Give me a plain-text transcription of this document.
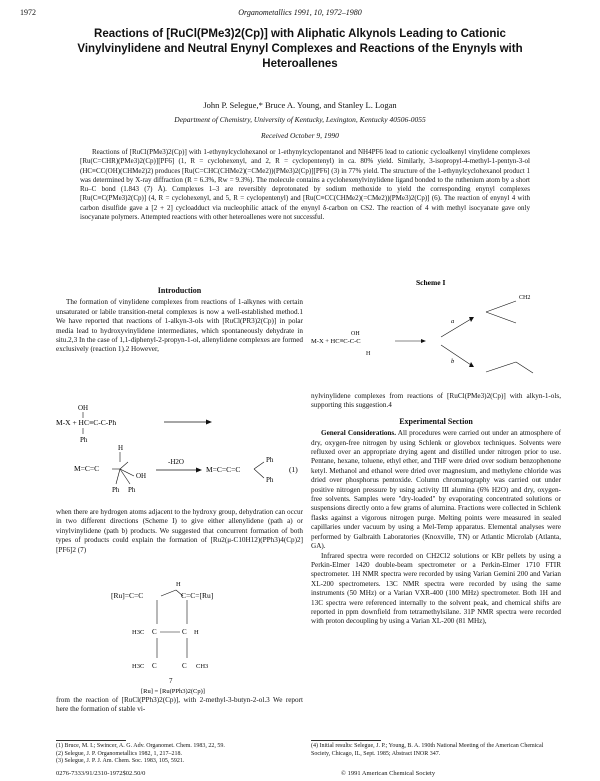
1972	Organometallics 1991, 10, 1972–1980
Reactions of [RuCl(PMe3)2(Cp)] with Aliphatic Alkynols Leading to Cationic Vinylvinylidene and Neutral Enynyl Complexes and Reactions of the Enynyls with Heteroallenes
John P. Selegue,* Bruce A. Young, and Stanley L. Logan
Department of Chemistry, University of Kentucky, Lexington, Kentucky 40506-0055
Received October 9, 1990
Reactions of [RuCl(PMe3)2(Cp)] with 1-ethynylcyclohexanol or 1-ethynylcyclopentanol and NH4PF6 lead to cationic cycloalkenyl vinylidene complexes [Ru(C=CHR)(PMe3)2(Cp)][PF6] (1, R = cyclohexenyl, and 2, R = cyclopentenyl) in ca. 80% yield. Similarly, 3-isopropyl-4-methyl-1-pentyn-3-ol (HC≡CC(OH)(CHMe2)2) produces [Ru(C=CHC(CHMe2)(=CMe2))(PMe3)2(Cp)][PF6] (3) in 77% yield. The structure of the 1-ethynylcyclohexanol product 1 was determined by X-ray diffraction (R = 6.3%, Rw = 9.3%). The molecule contains a cyclohexenylvinylidene ligand bonded to the ruthenium atom by a short Ru–C bond (1.843 (7) Å). Complexes 1–3 are reversibly deprotonated by sodium methoxide to yield the corresponding enynyl complexes [Ru(C≡C(PMe3)2(Cp)] (4, R = cyclohexenyl, and 5, R = cyclopentenyl) and [Ru(C≡CC(CHMe2)(=CMe2))(PMe3)2(Cp)] (6). The reaction of enynyl 4 with carbon disulfide gave a [2 + 2] cycloadduct via nucleophilic attack of the enynyl δ-carbon on CS2. The reaction of 4 with methyl isocyanate gave only isocyanate polymers. Attempted reactions with other heteroallenes were not successful.
Introduction

The formation of vinylidene complexes from reactions of 1-alkynes with certain unsaturated or labile transition-metal complexes is now a well-established method.1 We have reported that reactions of 1-alkyn-3-ols with [RuCl(PR3)2(Cp)] in polar media lead to hydroxyvinylidene intermediates, which spontaneously dehydrate in situ.2,3 In the case of 1,1-diphenyl-2-propyn-1-ol, allenylidene complexes are formed exclusively (reaction 1).2 However,

OH
M-X + HC≡C-C-Ph
Ph
H
M=C=C
OH
Ph Ph
-H2O
M=C=C=C
Ph
Ph
(1)

when there are hydrogen atoms adjacent to the hydroxy group, dehydration can occur in two different directions (Scheme I) to give either allenylidene (path a) or vinylvinylidene (path b) products. We suggested that concurrent formation of both types of products could explain the formation of [Ru2(μ-C10H12)(PPh3)4(Cp)2][PF6]2 (7)

H
[Ru]=C=C	C=C=[Ru]
H3C C	C H
H3C C	C CH3
7
[Ru] = [Ru(PPh3)2(Cp)]

from the reaction of [RuCl(PPh3)2(Cp)], with 2-methyl-3-butyn-2-ol.3 We report here the formation of stable vi-

Scheme I
OH
M-X + HC≡C-C-C
H
a
b
CH2

nylvinylidene complexes from reactions of [RuCl(PMe3)2(Cp)] with alkyn-1-ols, supporting this suggestion.4

Experimental Section

General Considerations. All procedures were carried out under an atmosphere of dry, oxygen-free nitrogen by using Schlenk or glovebox techniques. Solvents were refluxed over an appropriate drying agent and distilled under nitrogen prior to use. Pentane, hexane, toluene, ethyl ether, and THF were dried over sodium benzophenone ketyl. Methanol and ethanol were dried over magnesium, and methylene chloride was dried over phosphorus pentoxide. Column chromatography was carried out under positive nitrogen pressure by using activity III alumina (6% H2O) and dry, oxygen-free solvents. Samples were "dry-loaded" by evaporating concentrated solutions or suspensions directly onto a few grams of alumina. Fractions were collected in Schlenk flasks against a vigorous nitrogen purge. Melting points were measured in sealed capillaries under vacuum by using a Mel-Temp apparatus. Elemental analyses were performed by Galbraith Laboratories (Knoxville, TN) or Atlantic Microlab (Atlanta, GA).

Infrared spectra were recorded on CH2Cl2 solutions or KBr pellets by using a Perkin-Elmer 1420 double-beam spectrometer or a Perkin-Elmer 1710 FTIR spectrometer. 1H NMR spectra were recorded by using Varian Gemini 200 and Varian XL-200 spectrometers. 13C NMR spectra were recorded by using the same instruments (50 MHz) or a Varian VXR-400 (100 MHz) spectrometer. Both 1H and 13C spectra were referenced internally to the solvent peak, and chemical shifts are reported in ppm downfield from tetramethylsilane. 31P NMR spectra were recorded with proton decoupling by using a Varian XL-200 (81 MHz),

(1) Bruce, M. I.; Swincer, A. G. Adv. Organomet. Chem. 1983, 22, 59.
(2) Selegue, J. P. Organometallics 1982, 1, 217–218.
(3) Selegue, J. P. J. Am. Chem. Soc. 1983, 105, 5921.
(4) Initial results: Selegue, J. P.; Young, B. A. 190th National Meeting of the American Chemical Society, Chicago, IL, Sept. 1985; Abstract INOR 347.
0276-7333/91/2310-1972$02.50/0	© 1991 American Chemical Society
